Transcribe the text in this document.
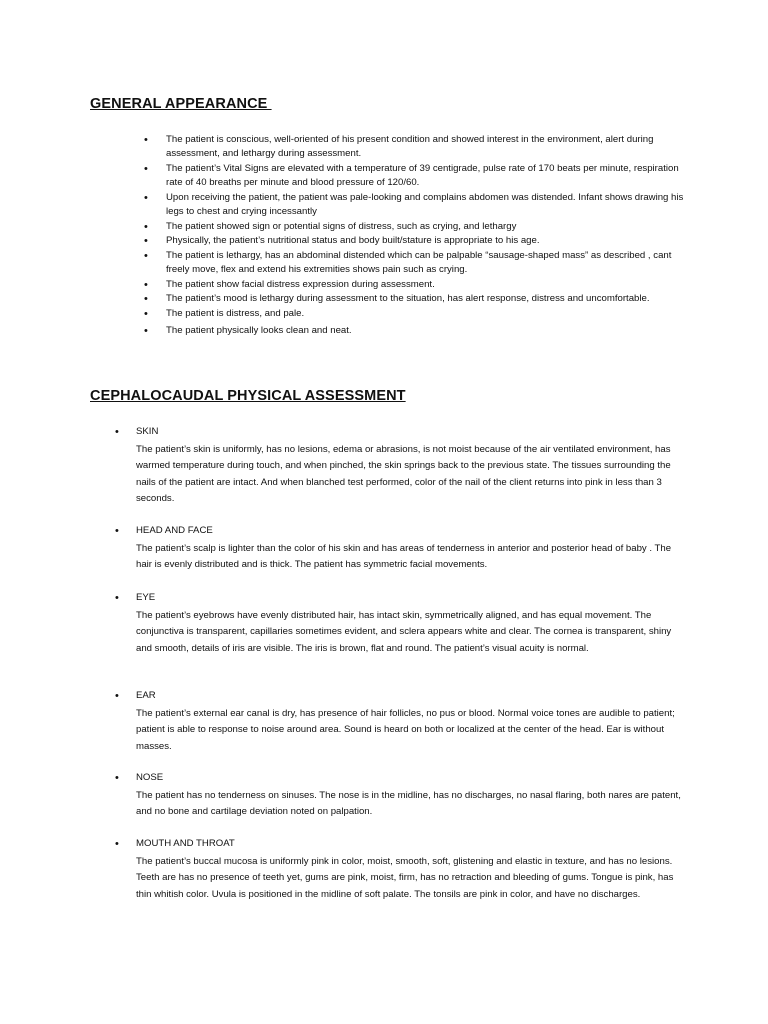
GENERAL APPEARANCE
• The patient is conscious, well-oriented of his present condition and showed interest in the environment, alert during assessment, and lethargy during assessment.
• The patient’s Vital Signs are elevated with a temperature of 39 centigrade, pulse rate of 170 beats per minute, respiration rate of 40 breaths per minute and blood pressure of 120/60.
• Upon receiving the patient, the patient was pale-looking and complains abdomen was distended. Infant shows drawing his legs to chest and crying incessantly
• The patient showed sign or potential signs of distress, such as crying, and lethargy
• Physically, the patient’s nutritional status and body built/stature is appropriate to his age.
• The patient is lethargy, has an abdominal distended which can be palpable “sausage-shaped mass” as described , cant freely move, flex and extend his extremities shows pain such as crying.
• The patient show facial distress expression during assessment.
• The patient’s mood is lethargy during assessment to the situation, has alert response, distress and uncomfortable.
• The patient is distress, and pale.
• The patient physically looks clean and neat.
CEPHALOCAUDAL PHYSICAL ASSESSMENT
• SKIN

The patient’s skin is uniformly, has no lesions, edema or abrasions, is not moist because of the air ventilated environment, has warmed temperature during touch, and when pinched, the skin springs back to the previous state. The tissues surrounding the nails of the patient are intact. And when blanched test performed, color of the nail of the client returns into pink in less than 3 seconds.

• HEAD AND FACE

The patient’s scalp is lighter than the color of his skin and has areas of tenderness in anterior and posterior head of baby . The hair is evenly distributed and is thick. The patient has symmetric facial movements.

• EYE

The patient’s eyebrows have evenly distributed hair, has intact skin, symmetrically aligned, and has equal movement. The conjunctiva is transparent, capillaries sometimes evident, and sclera appears white and clear. The cornea is transparent, shiny and smooth, details of iris are visible. The iris is brown, flat and round. The patient’s visual acuity is normal.

• EAR

The patient’s external ear canal is dry, has presence of hair follicles, no pus or blood. Normal voice tones are audible to patient; patient is able to response to noise around area. Sound is heard on both or localized at the center of the head. Ear is without masses.

• NOSE

The patient has no tenderness on sinuses. The nose is in the midline, has no discharges, no nasal flaring, both nares are patent, and no bone and cartilage deviation noted on palpation.

• MOUTH AND THROAT

The patient’s buccal mucosa is uniformly pink in color, moist, smooth, soft, glistening and elastic in texture, and has no lesions. Teeth are has no presence of teeth yet, gums are pink, moist, firm, has no retraction and bleeding of gums. Tongue is pink, has thin whitish color. Uvula is positioned in the midline of soft palate. The tonsils are pink in color, and have no discharges.
